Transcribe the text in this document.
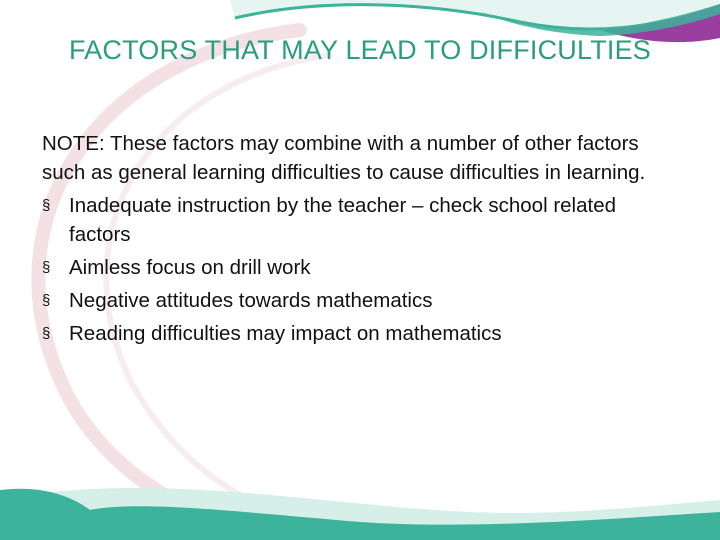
FACTORS THAT MAY LEAD TO DIFFICULTIES

NOTE: These factors may combine with a number of other factors such as general learning difficulties to cause difficulties in learning.

§ Inadequate instruction by the teacher – check school related factors
§ Aimless focus on drill work
§ Negative attitudes towards mathematics
§ Reading difficulties may impact on mathematics
